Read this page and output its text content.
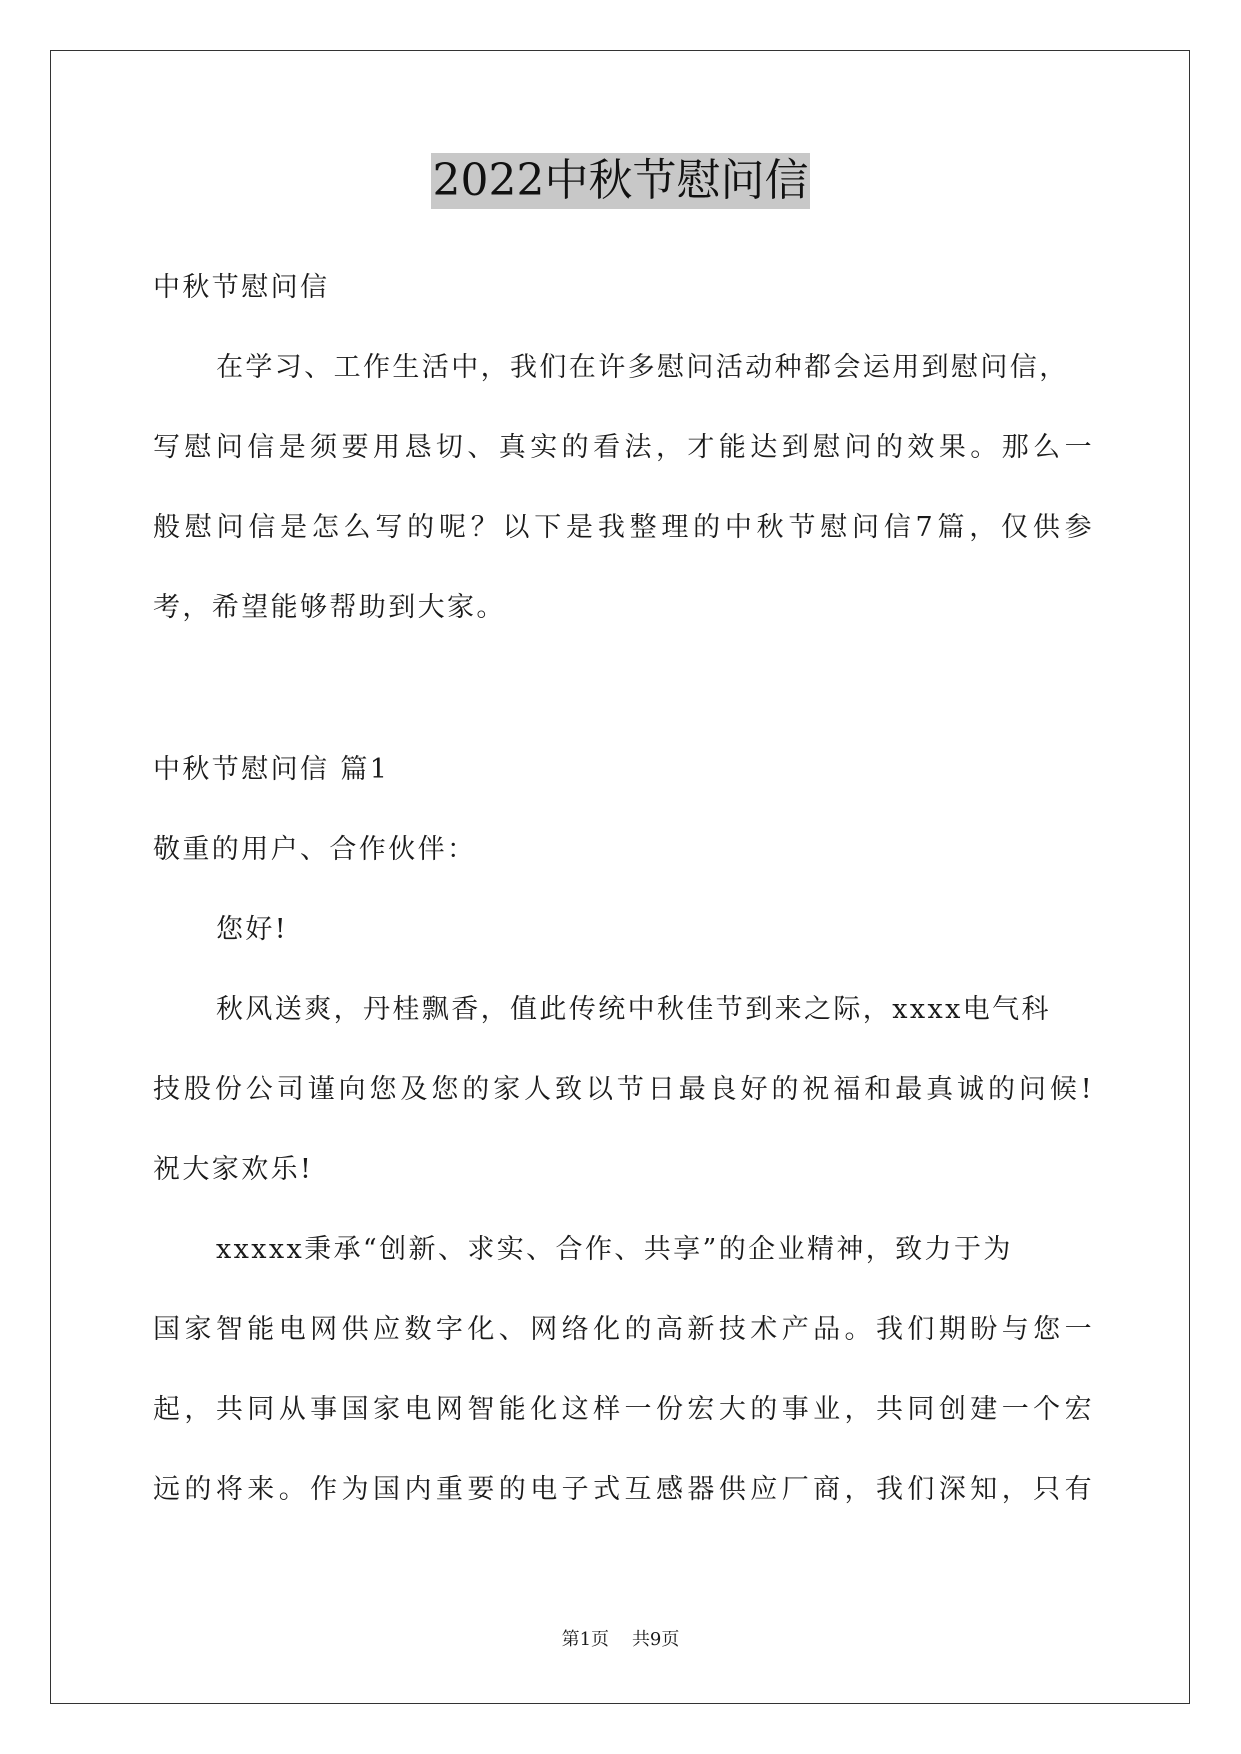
2022中秋节慰问信
中秋节慰问信
在学习、工作生活中，我们在许多慰问活动种都会运用到慰问信，
写慰问信是须要用恳切、真实的看法，才能达到慰问的效果。那么一
般慰问信是怎么写的呢？以下是我整理的中秋节慰问信7篇，仅供参
考，希望能够帮助到大家。
中秋节慰问信 篇1
敬重的用户、合作伙伴：
您好!
秋风送爽，丹桂飘香，值此传统中秋佳节到来之际，xxxx电气科
技股份公司谨向您及您的家人致以节日最良好的祝福和最真诚的问候!
祝大家欢乐!
xxxxx秉承“创新、求实、合作、共享”的企业精神，致力于为
国家智能电网供应数字化、网络化的高新技术产品。我们期盼与您一
起，共同从事国家电网智能化这样一份宏大的事业，共同创建一个宏
远的将来。作为国内重要的电子式互感器供应厂商，我们深知，只有
第1页 共9页
